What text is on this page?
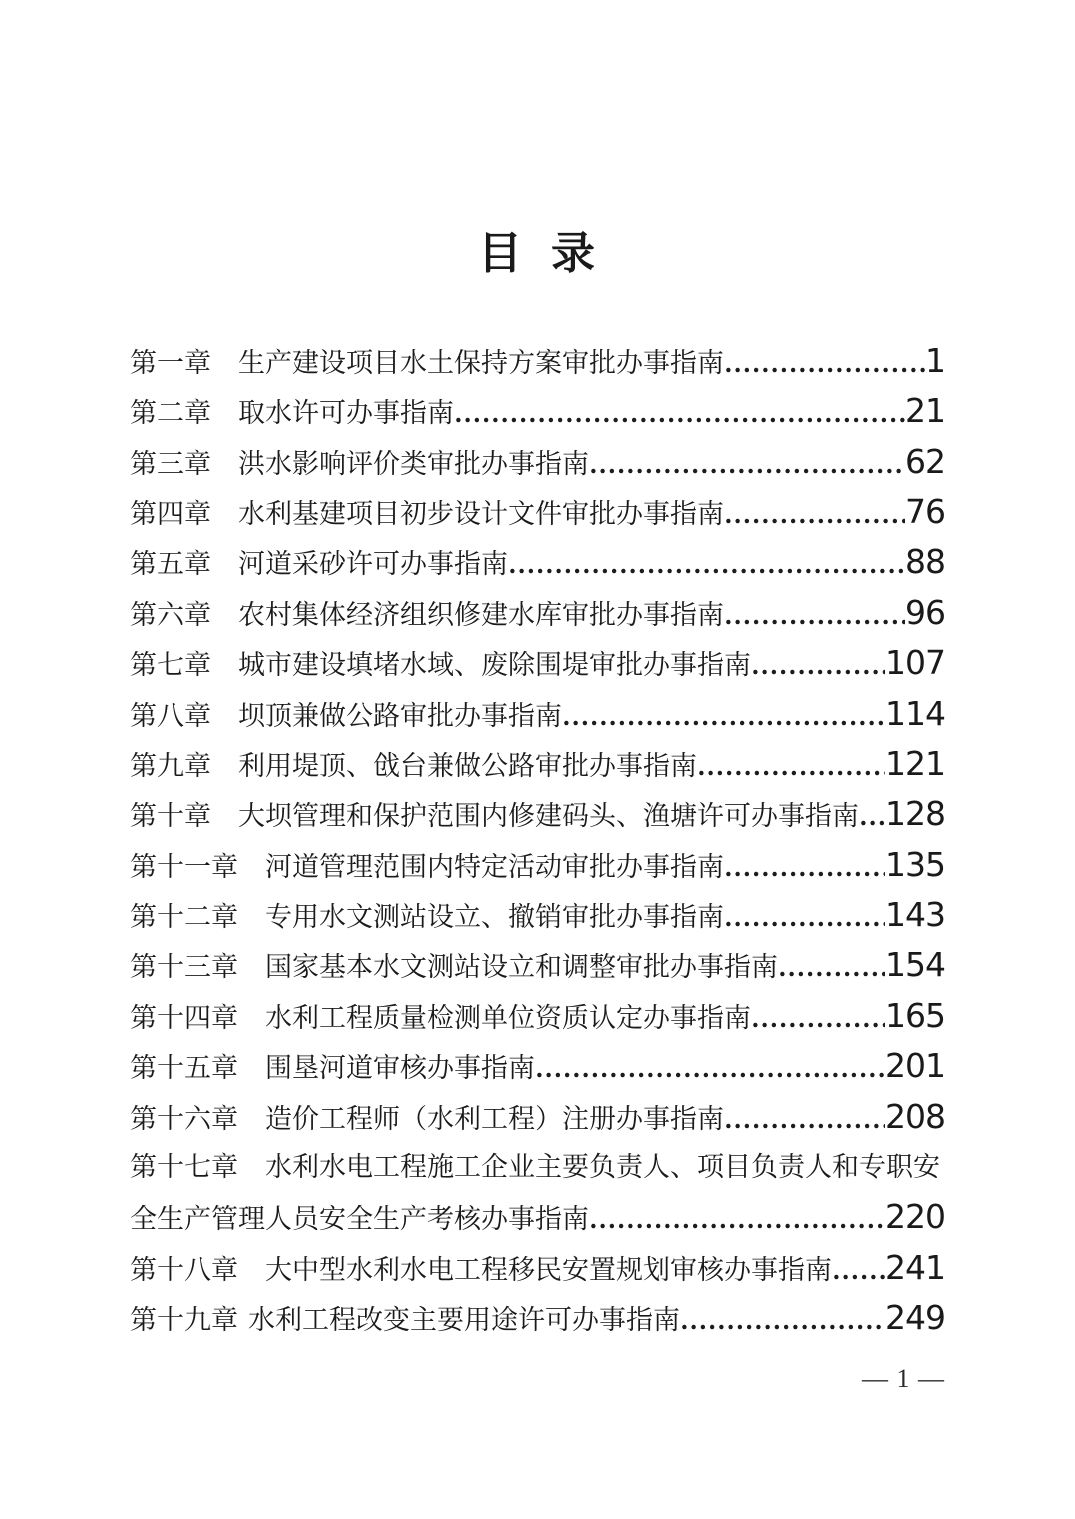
目 录
第一章 生产建设项目水土保持方案审批办事指南 .....	1
第二章 取水许可办事指南 .....	21
第三章 洪水影响评价类审批办事指南 .....	62
第四章 水利基建项目初步设计文件审批办事指南 .....	76
第五章 河道采砂许可办事指南 .....	88
第六章 农村集体经济组织修建水库审批办事指南 .....	96
第七章 城市建设填堵水域、废除围堤审批办事指南 .....	107
第八章 坝顶兼做公路审批办事指南 .....	114
第九章 利用堤顶、戗台兼做公路审批办事指南 .....	121
第十章 大坝管理和保护范围内修建码头、渔塘许可办事指南 ..... 128
第十一章 河道管理范围内特定活动审批办事指南 .....	135
第十二章 专用水文测站设立、撤销审批办事指南 .....	143
第十三章 国家基本水文测站设立和调整审批办事指南 .....	154
第十四章 水利工程质量检测单位资质认定办事指南 .....	165
第十五章 围垦河道审核办事指南 .....	201
第十六章 造价工程师（水利工程）注册办事指南 .....	208
第十七章 水利水电工程施工企业主要负责人、项目负责人和专职安
全生产管理人员安全生产考核办事指南 .....	220
第十八章 大中型水利水电工程移民安置规划审核办事指南 ..... 241
第十九章 水利工程改变主要用途许可办事指南 .....	249
— 1 —
